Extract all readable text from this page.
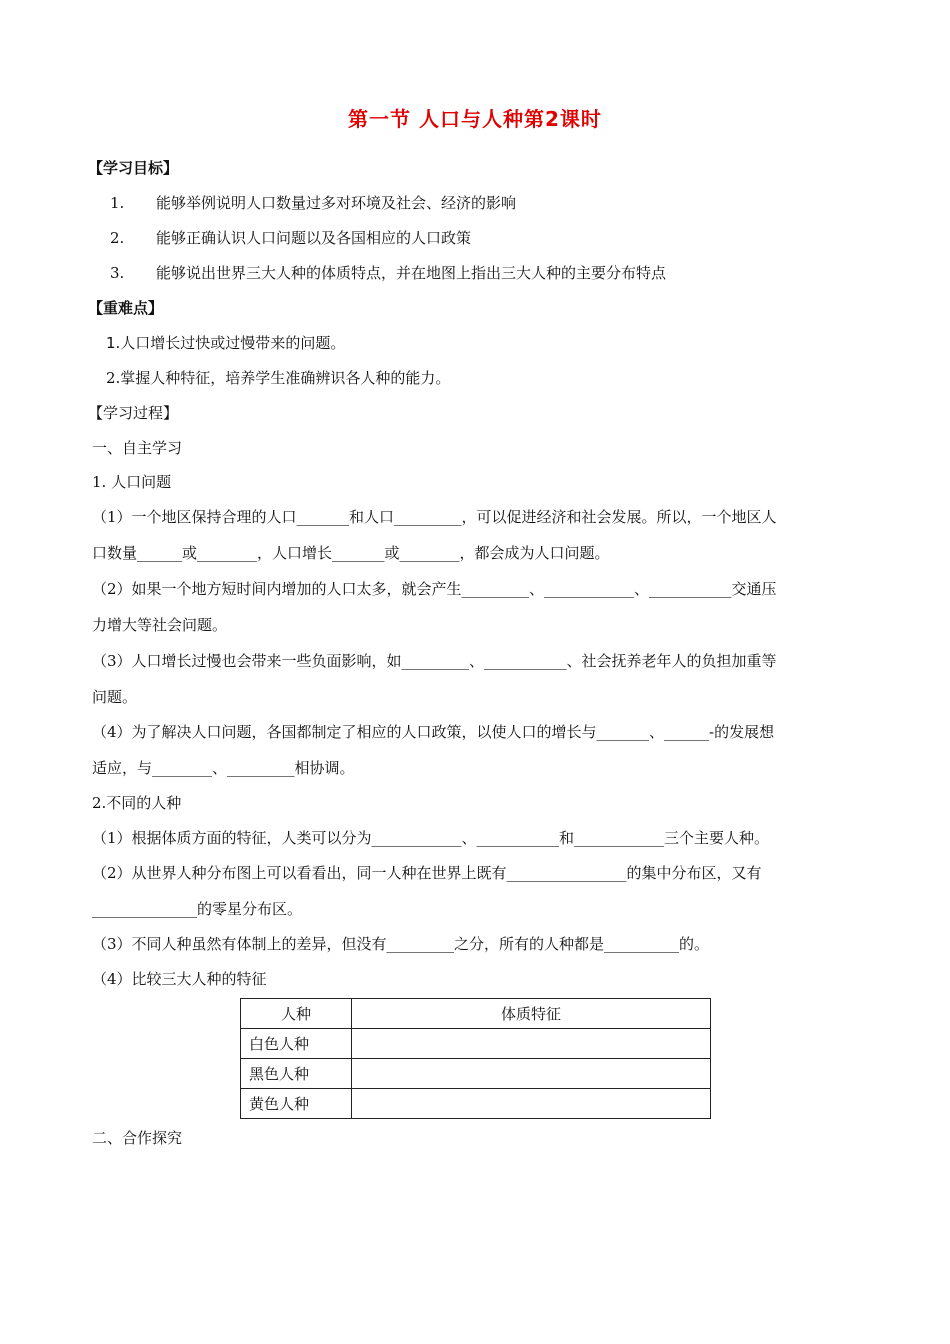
第一节 人口与人种第2课时
【学习目标】
1. 能够举例说明人口数量过多对环境及社会、经济的影响
2. 能够正确认识人口问题以及各国相应的人口政策
3. 能够说出世界三大人种的体质特点，并在地图上指出三大人种的主要分布特点
【重难点】
1.人口增长过快或过慢带来的问题。
2.掌握人种特征，培养学生准确辨识各人种的能力。
【学习过程】
一、自主学习
1. 人口问题
（1）一个地区保持合理的人口_______和人口_________，可以促进经济和社会发展。所以，一个地区人
口数量______或________，人口增长_______或________，都会成为人口问题。
（2）如果一个地方短时间内增加的人口太多，就会产生_________、____________、___________交通压
力增大等社会问题。
（3）人口增长过慢也会带来一些负面影响，如_________、___________、社会抚养老年人的负担加重等
问题。
（4）为了解决人口问题，各国都制定了相应的人口政策，以使人口的增长与_______、______-的发展想
适应，与________、_________相协调。
2.不同的人种
（1）根据体质方面的特征，人类可以分为____________、___________和____________三个主要人种。
（2）从世界人种分布图上可以看看出，同一人种在世界上既有________________的集中分布区，又有
______________的零星分布区。
（3）不同人种虽然有体制上的差异，但没有_________之分，所有的人种都是__________的。
（4）比较三大人种的特征
人种	体质特征
白色人种	
黑色人种	
黄色人种	
二、合作探究
